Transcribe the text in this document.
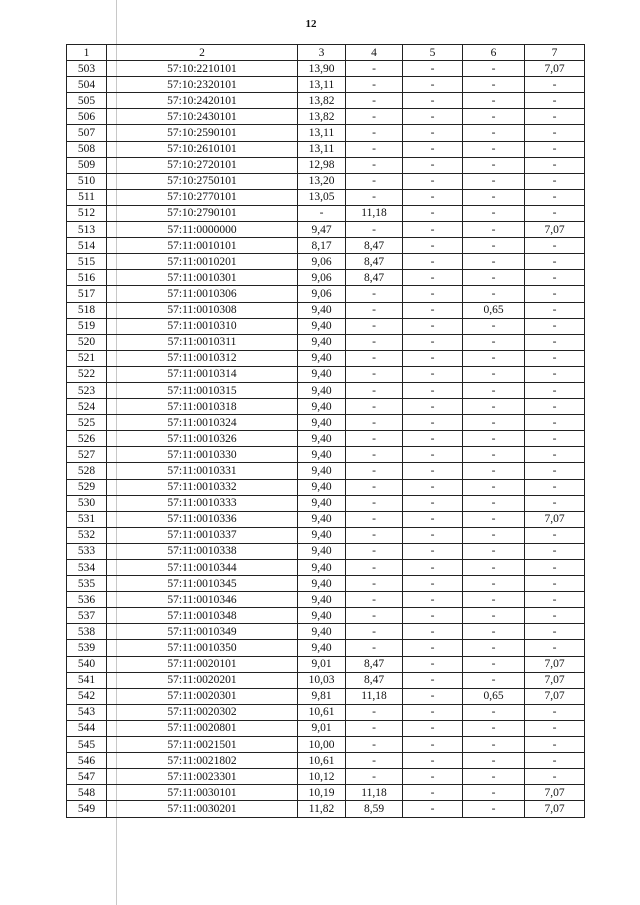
12
1	2	3	4	5	6	7
503	57:10:2210101	13,90	-	-	-	7,07
504	57:10:2320101	13,11	-	-	-	-
505	57:10:2420101	13,82	-	-	-	-
506	57:10:2430101	13,82	-	-	-	-
507	57:10:2590101	13,11	-	-	-	-
508	57:10:2610101	13,11	-	-	-	-
509	57:10:2720101	12,98	-	-	-	-
510	57:10:2750101	13,20	-	-	-	-
511	57:10:2770101	13,05	-	-	-	-
512	57:10:2790101	-	11,18	-	-	-
513	57:11:0000000	9,47	-	-	-	7,07
514	57:11:0010101	8,17	8,47	-	-	-
515	57:11:0010201	9,06	8,47	-	-	-
516	57:11:0010301	9,06	8,47	-	-	-
517	57:11:0010306	9,06	-	-	-	-
518	57:11:0010308	9,40	-	-	0,65	-
519	57:11:0010310	9,40	-	-	-	-
520	57:11:0010311	9,40	-	-	-	-
521	57:11:0010312	9,40	-	-	-	-
522	57:11:0010314	9,40	-	-	-	-
523	57:11:0010315	9,40	-	-	-	-
524	57:11:0010318	9,40	-	-	-	-
525	57:11:0010324	9,40	-	-	-	-
526	57:11:0010326	9,40	-	-	-	-
527	57:11:0010330	9,40	-	-	-	-
528	57:11:0010331	9,40	-	-	-	-
529	57:11:0010332	9,40	-	-	-	-
530	57:11:0010333	9,40	-	-	-	-
531	57:11:0010336	9,40	-	-	-	7,07
532	57:11:0010337	9,40	-	-	-	-
533	57:11:0010338	9,40	-	-	-	-
534	57:11:0010344	9,40	-	-	-	-
535	57:11:0010345	9,40	-	-	-	-
536	57:11:0010346	9,40	-	-	-	-
537	57:11:0010348	9,40	-	-	-	-
538	57:11:0010349	9,40	-	-	-	-
539	57:11:0010350	9,40	-	-	-	-
540	57:11:0020101	9,01	8,47	-	-	7,07
541	57:11:0020201	10,03	8,47	-	-	7,07
542	57:11:0020301	9,81	11,18	-	0,65	7,07
543	57:11:0020302	10,61	-	-	-	-
544	57:11:0020801	9,01	-	-	-	-
545	57:11:0021501	10,00	-	-	-	-
546	57:11:0021802	10,61	-	-	-	-
547	57:11:0023301	10,12	-	-	-	-
548	57:11:0030101	10,19	11,18	-	-	7,07
549	57:11:0030201	11,82	8,59	-	-	7,07
